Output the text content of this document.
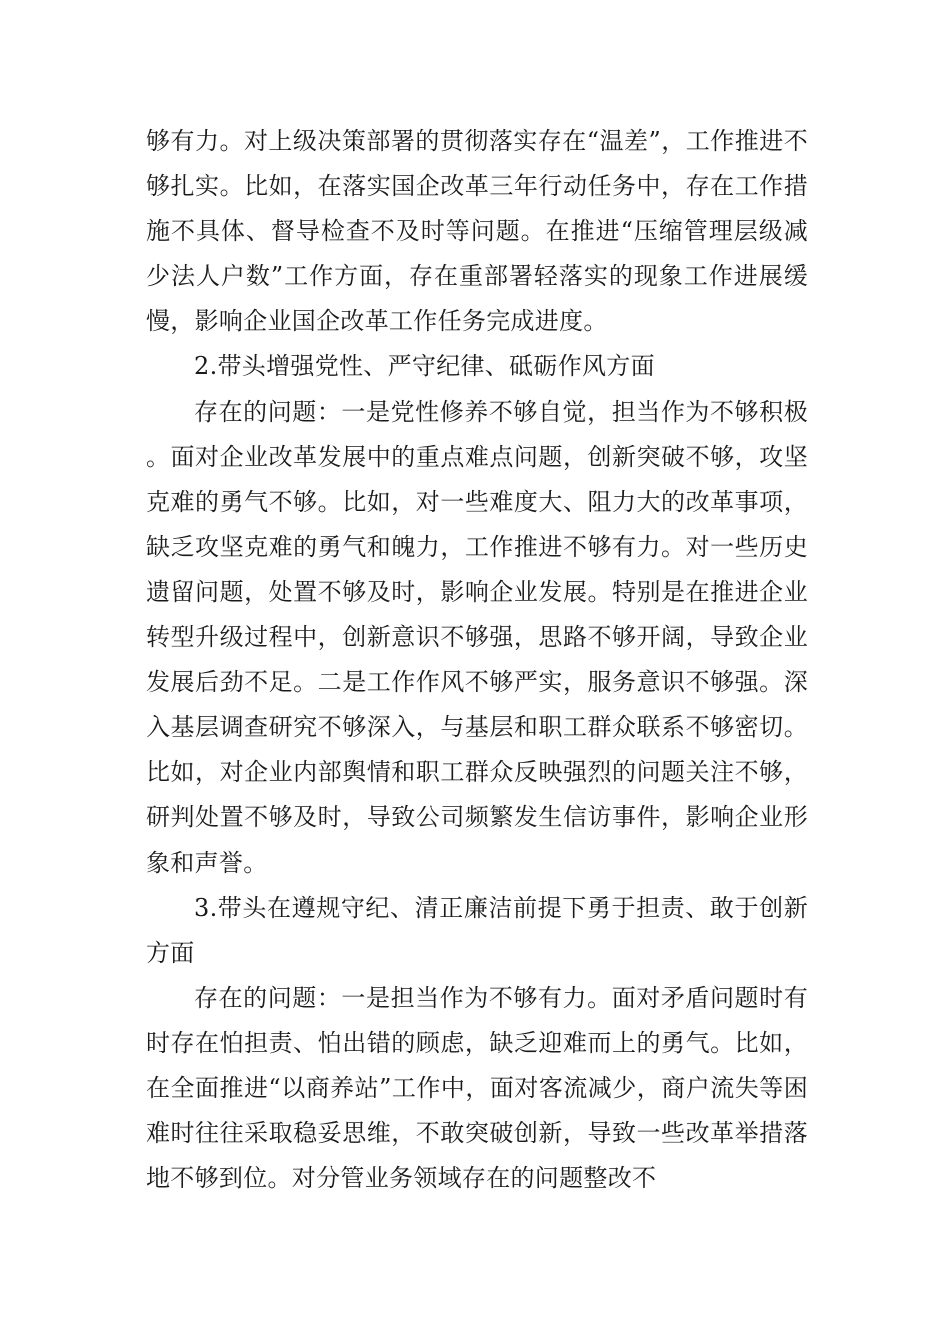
够有力。对上级决策部署的贯彻落实存在“温差”，工作推进不够扎实。比如，在落实国企改革三年行动任务中，存在工作措施不具体、督导检查不及时等问题。在推进“压缩管理层级减少法人户数”工作方面，存在重部署轻落实的现象工作进展缓慢，影响企业国企改革工作任务完成进度。

2.带头增强党性、严守纪律、砥砺作风方面

存在的问题：一是党性修养不够自觉，担当作为不够积极。面对企业改革发展中的重点难点问题，创新突破不够，攻坚克难的勇气不够。比如，对一些难度大、阻力大的改革事项，缺乏攻坚克难的勇气和魄力，工作推进不够有力。对一些历史遗留问题，处置不够及时，影响企业发展。特别是在推进企业转型升级过程中，创新意识不够强，思路不够开阔，导致企业发展后劲不足。二是工作作风不够严实，服务意识不够强。深入基层调查研究不够深入，与基层和职工群众联系不够密切。比如，对企业内部舆情和职工群众反映强烈的问题关注不够，研判处置不够及时，导致公司频繁发生信访事件，影响企业形象和声誉。

3.带头在遵规守纪、清正廉洁前提下勇于担责、敢于创新方面

存在的问题：一是担当作为不够有力。面对矛盾问题时有时存在怕担责、怕出错的顾虑，缺乏迎难而上的勇气。比如，在全面推进“以商养站”工作中，面对客流减少，商户流失等困难时往往采取稳妥思维，不敢突破创新，导致一些改革举措落地不够到位。对分管业务领域存在的问题整改不
